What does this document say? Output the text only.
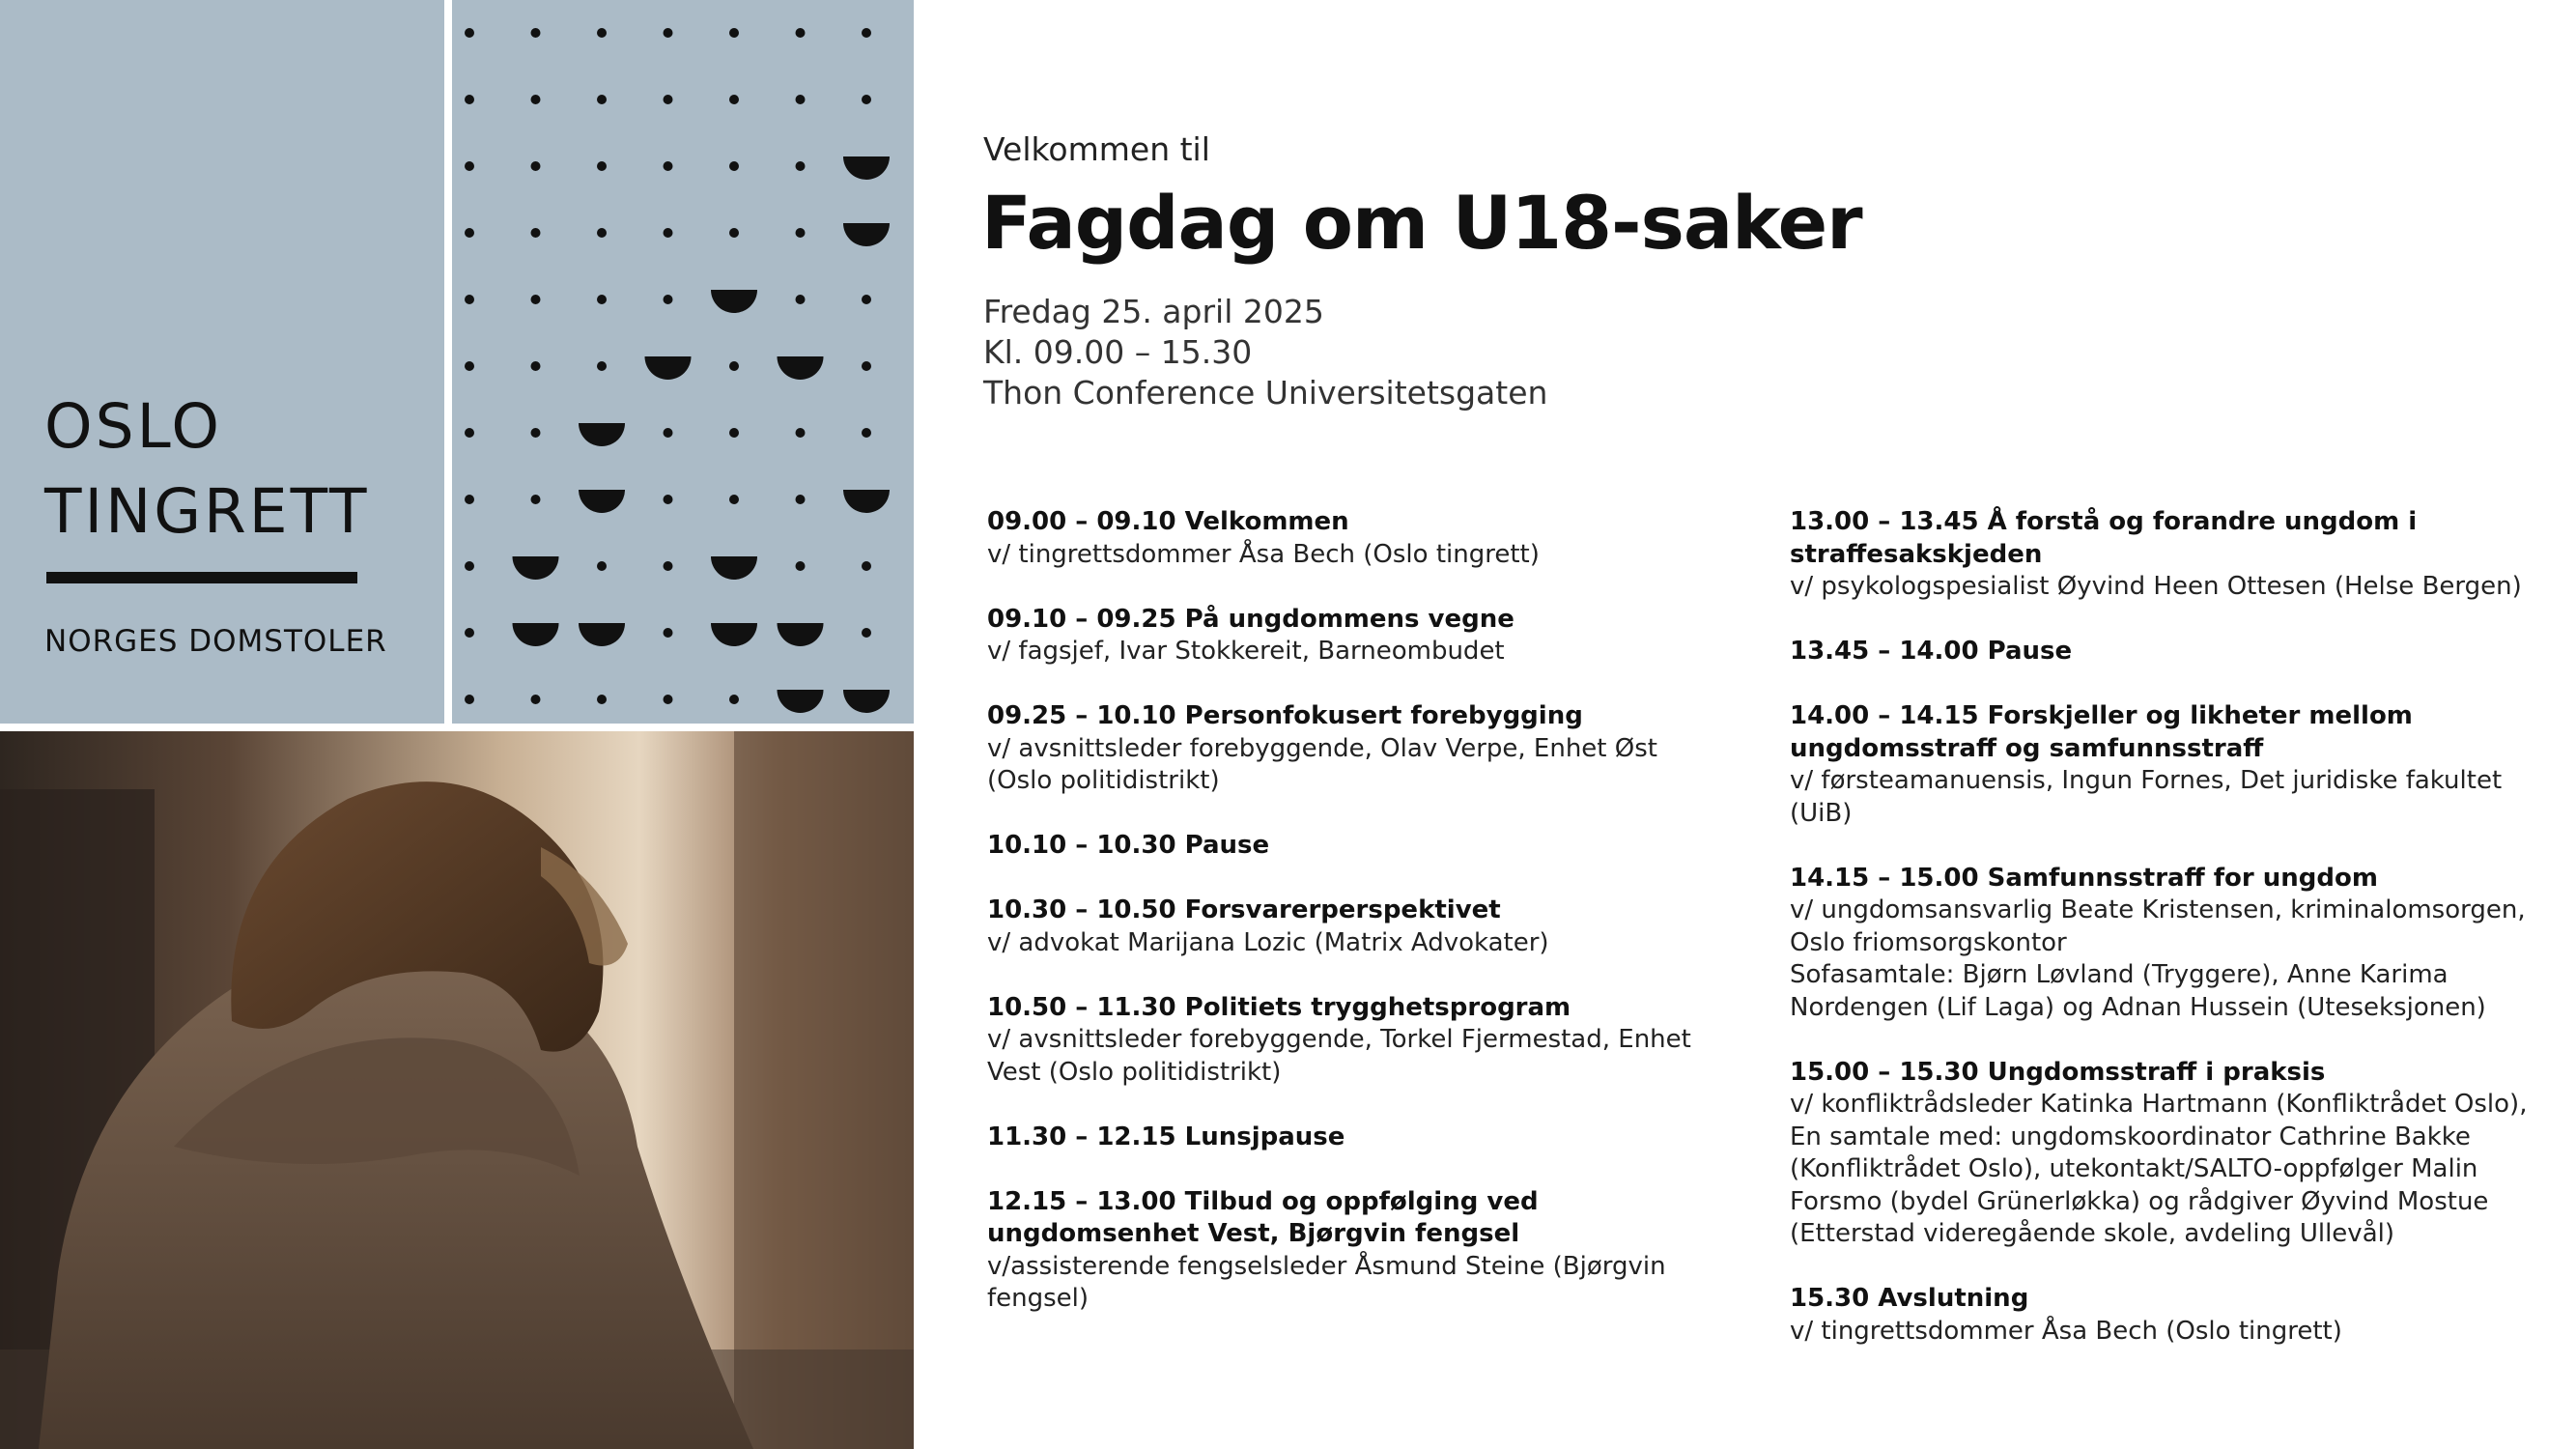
OSLO
TINGRETT
NORGES DOMSTOLER
Velkommen til
Fagdag om U18-saker
Fredag 25. april 2025
Kl. 09.00 – 15.30
Thon Conference Universitetsgaten
09.00 – 09.10 Velkommen
v/ tingrettsdommer Åsa Bech (Oslo tingrett)
09.10 – 09.25 På ungdommens vegne
v/ fagsjef, Ivar Stokkereit, Barneombudet
09.25 – 10.10 Personfokusert forebygging
v/ avsnittsleder forebyggende, Olav Verpe, Enhet Øst (Oslo politidistrikt)
10.10 – 10.30 Pause
10.30 – 10.50 Forsvarerperspektivet
v/ advokat Marijana Lozic (Matrix Advokater)
10.50 – 11.30 Politiets trygghetsprogram
v/ avsnittsleder forebyggende, Torkel Fjermestad, Enhet Vest (Oslo politidistrikt)
11.30 – 12.15 Lunsjpause
12.15 – 13.00 Tilbud og oppfølging ved ungdomsenhet Vest, Bjørgvin fengsel
v/assisterende fengselsleder Åsmund Steine (Bjørgvin fengsel)
13.00 – 13.45 Å forstå og forandre ungdom i straffesakskjeden
v/ psykologspesialist Øyvind Heen Ottesen (Helse Bergen)
13.45 – 14.00 Pause
14.00 – 14.15 Forskjeller og likheter mellom ungdomsstraff og samfunnsstraff
v/ førsteamanuensis, Ingun Fornes, Det juridiske fakultet (UiB)
14.15 – 15.00 Samfunnsstraff for ungdom
v/ ungdomsansvarlig Beate Kristensen, kriminalomsorgen, Oslo friomsorgskontor
Sofasamtale: Bjørn Løvland (Tryggere), Anne Karima Nordengen (Lif Laga) og Adnan Hussein (Uteseksjonen)
15.00 – 15.30 Ungdomsstraff i praksis
v/ konfliktrådsleder Katinka Hartmann (Konfliktrådet Oslo), En samtale med: ungdomskoordinator Cathrine Bakke (Konfliktrådet Oslo), utekontakt/SALTO-oppfølger Malin Forsmo (bydel Grünerløkka) og rådgiver Øyvind Mostue (Etterstad videregående skole, avdeling Ullevål)
15.30 Avslutning
v/ tingrettsdommer Åsa Bech (Oslo tingrett)
